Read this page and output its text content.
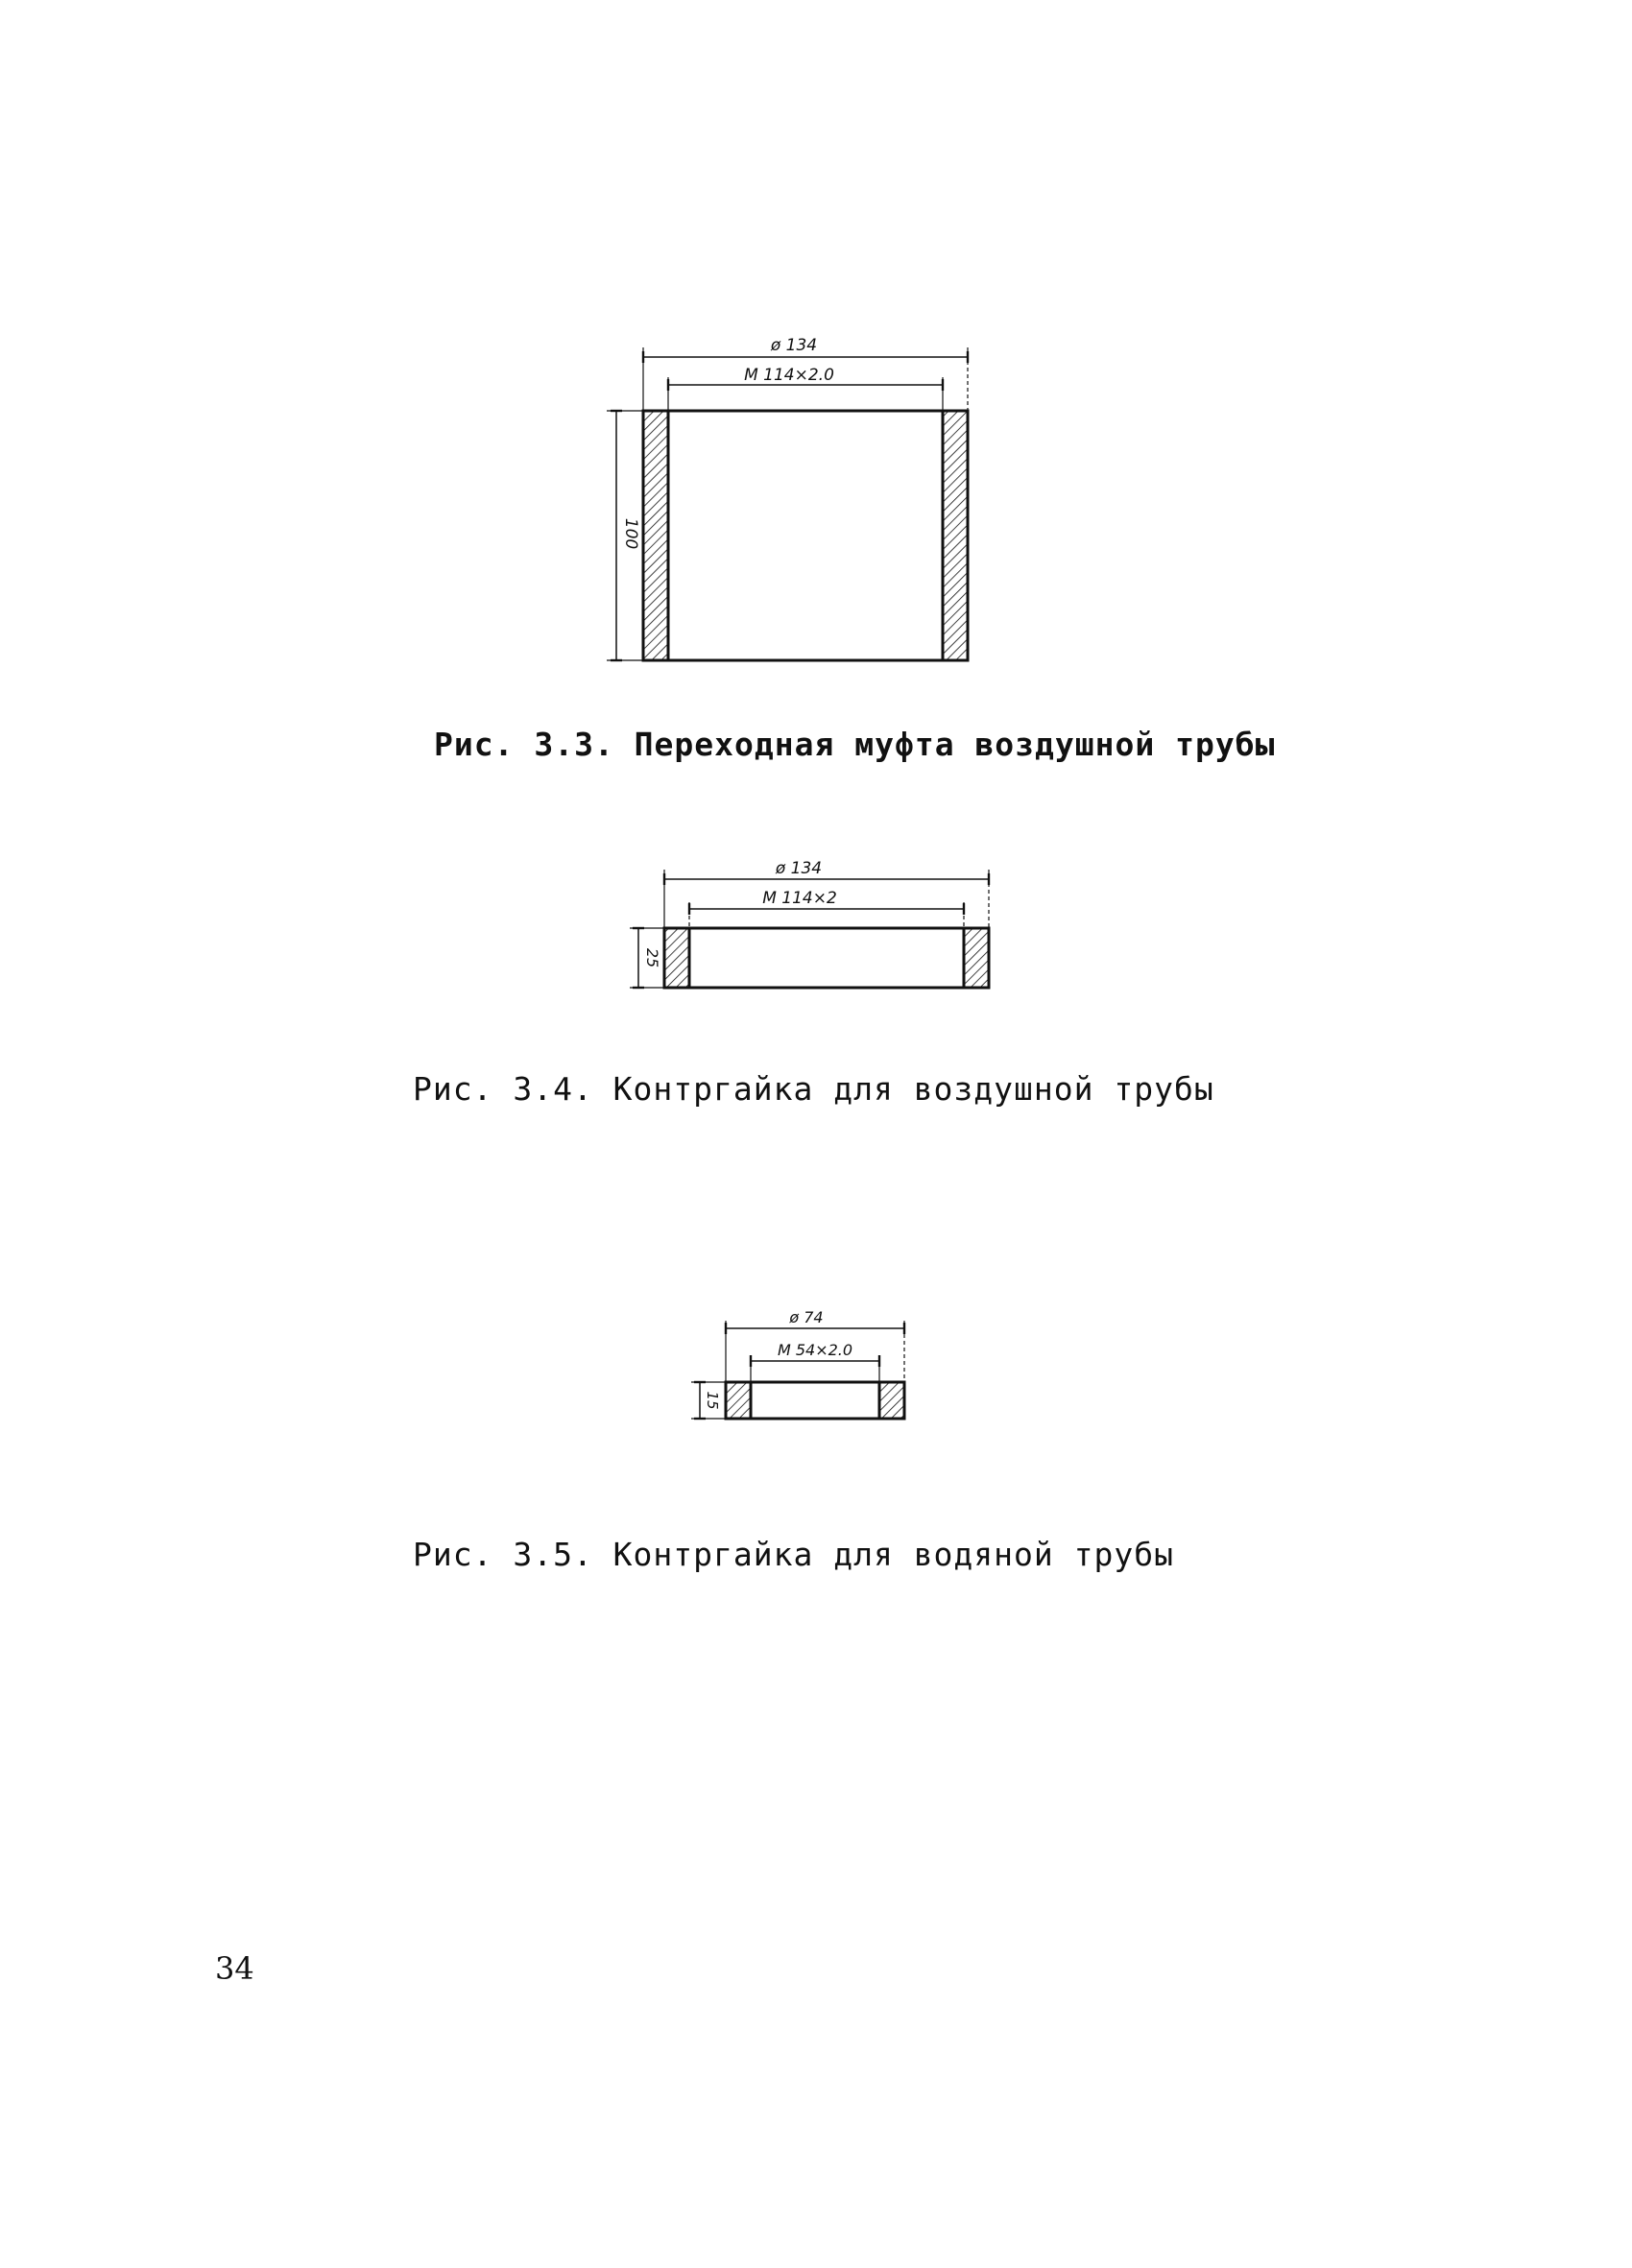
ø 134
M 114×2.0
100
ø 134
M 114×2
25
ø 74
M 54×2.0
15
Рис. 3.3. Переходная муфта воздушной трубы
Рис. 3.4. Контргайка для воздушной трубы
Рис. 3.5. Контргайка для водяной трубы
34
